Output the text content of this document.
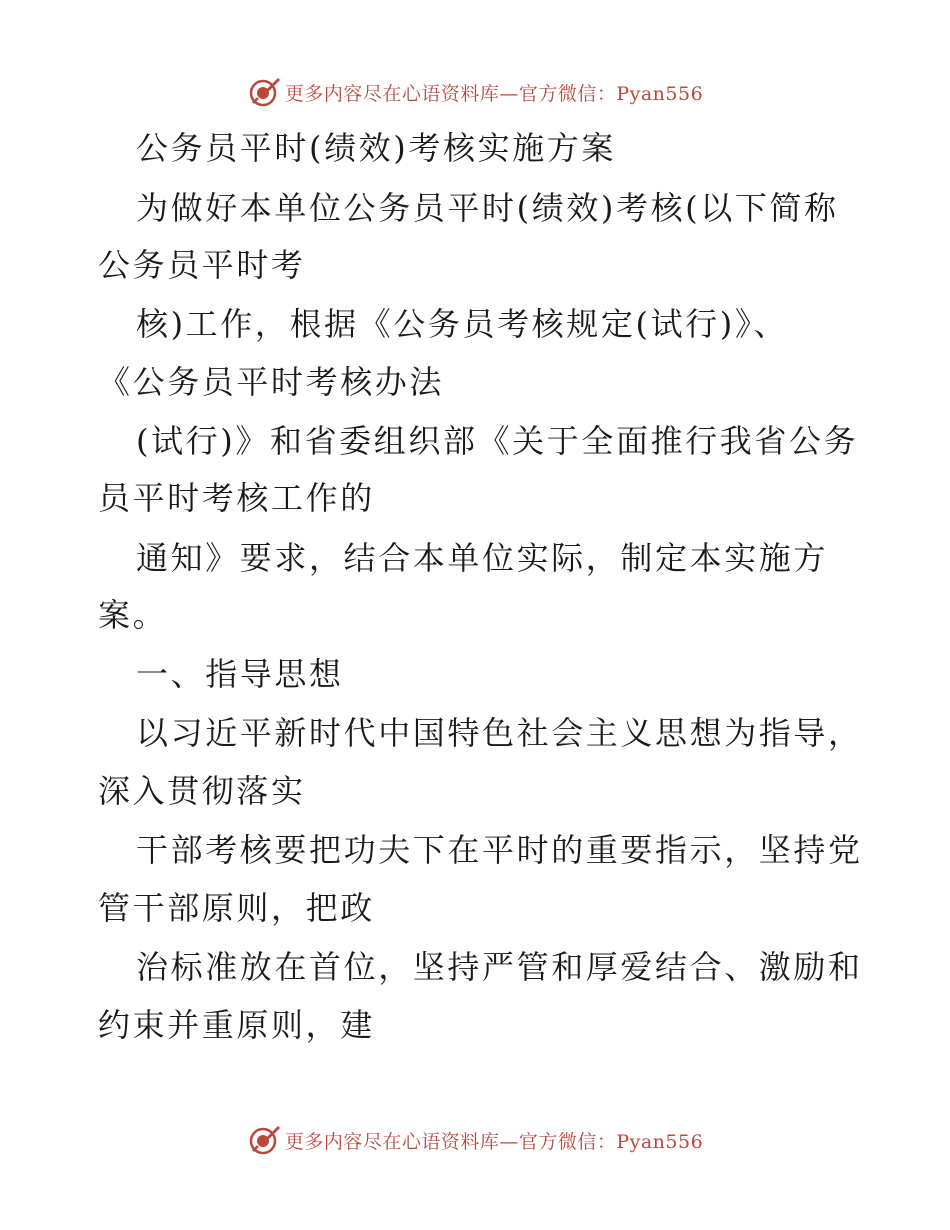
更多内容尽在心语资料库—官方微信：Pyan556
公务员平时(绩效)考核实施方案
为做好本单位公务员平时(绩效)考核(以下简称
公务员平时考
核)工作，根据《公务员考核规定(试行)》、
《公务员平时考核办法
(试行)》和省委组织部《关于全面推行我省公务
员平时考核工作的
通知》要求，结合本单位实际，制定本实施方
案。
一、指导思想
以习近平新时代中国特色社会主义思想为指导，
深入贯彻落实
干部考核要把功夫下在平时的重要指示，坚持党
管干部原则，把政
治标准放在首位，坚持严管和厚爱结合、激励和
约束并重原则，建
更多内容尽在心语资料库—官方微信：Pyan556
